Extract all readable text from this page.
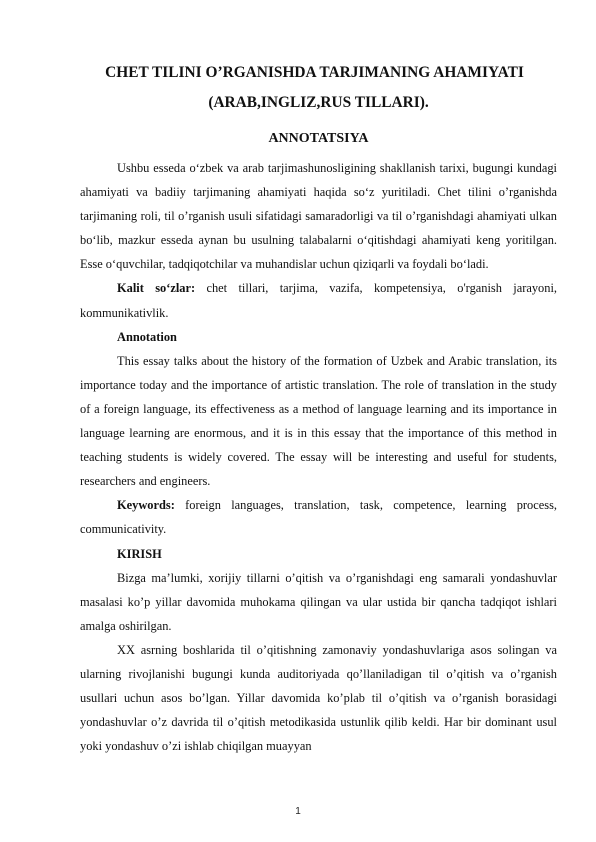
CHET TILINI O’RGANISHDA TARJIMANING AHAMIYATI
(ARAB,INGLIZ,RUS TILLARI).
ANNOTATSIYA

Ushbu esseda o‘zbek va arab tarjimashunosligining shakllanish tarixi, bugungi kundagi ahamiyati va badiiy tarjimaning ahamiyati haqida so‘z yuritiladi. Chet tilini o’rganishda tarjimaning roli, til o’rganish usuli sifatidagi samaradorligi va til o’rganishdagi ahamiyati ulkan bo‘lib, mazkur esseda aynan bu usulning talabalarni o‘qitishdagi ahamiyati keng yoritilgan. Esse o‘quvchilar, tadqiqotchilar va muhandislar uchun qiziqarli va foydali bo‘ladi.

Kalit so‘zlar: chet tillari, tarjima, vazifa, kompetensiya, o'rganish jarayoni, kommunikativlik.

Annotation

This essay talks about the history of the formation of Uzbek and Arabic translation, its importance today and the importance of artistic translation. The role of translation in the study of a foreign language, its effectiveness as a method of language learning and its importance in language learning are enormous, and it is in this essay that the importance of this method in teaching students is widely covered. The essay will be interesting and useful for students, researchers and engineers.

Keywords: foreign languages, translation, task, competence, learning process, communicativity.

KIRISH

Bizga ma’lumki, xorijiy tillarni o’qitish va o’rganishdagi eng samarali yondashuvlar masalasi ko’p yillar davomida muhokama qilingan va ular ustida bir qancha tadqiqot ishlari amalga oshirilgan.

XX asrning boshlarida til o’qitishning zamonaviy yondashuvlariga asos solingan va ularning rivojlanishi bugungi kunda auditoriyada qo’llaniladigan til o’qitish va o’rganish usullari uchun asos bo’lgan. Yillar davomida ko’plab til o’qitish va o’rganish borasidagi yondashuvlar o’z davrida til o’qitish metodikasida ustunlik qilib keldi. Har bir dominant usul yoki yondashuv o’zi ishlab chiqilgan muayyan

1
